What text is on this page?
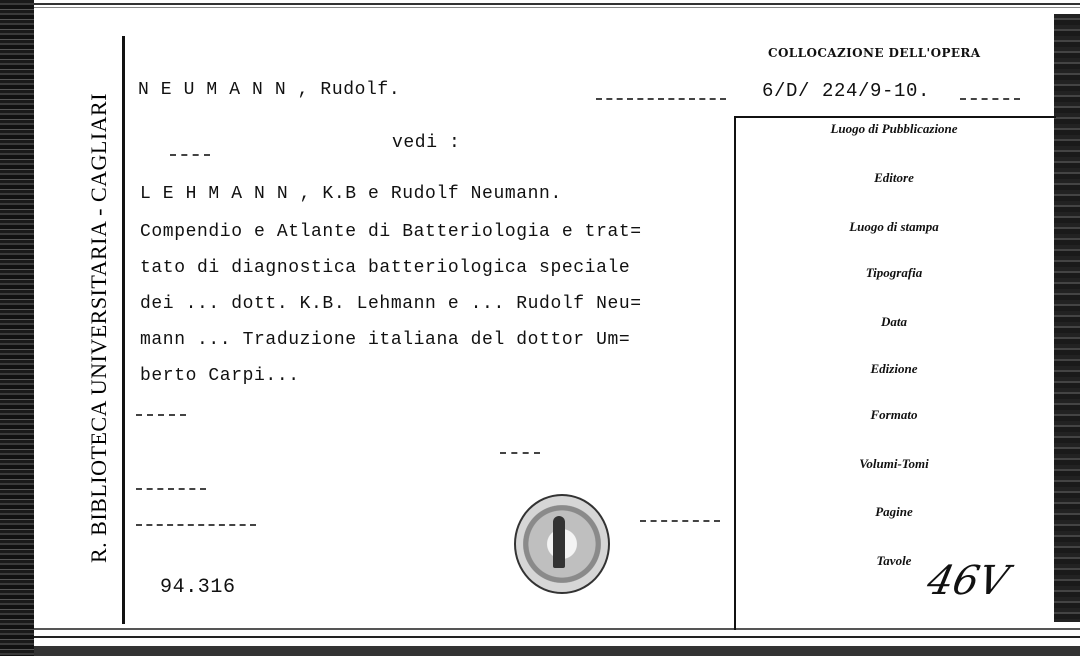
R. BIBLIOTECA UNIVERSITARIA - CAGLIARI
N E U M A N N , Rudolf.
vedi :
L E H M A N N , K.B e Rudolf Neumann.
Compendio e Atlante di Batteriologia e trat=
tato di diagnostica batteriologica speciale
dei ... dott. K.B. Lehmann e ... Rudolf Neu=
mann ... Traduzione italiana del dottor Um=
berto Carpi...
94.316
COLLOCAZIONE DELL'OPERA
6/D/ 224/9-10.
Luogo di Pubblicazione
Editore
Luogo di stampa
Tipografia
Data
Edizione
Formato
Volumi-Tomi
Pagine
Tavole 46V
